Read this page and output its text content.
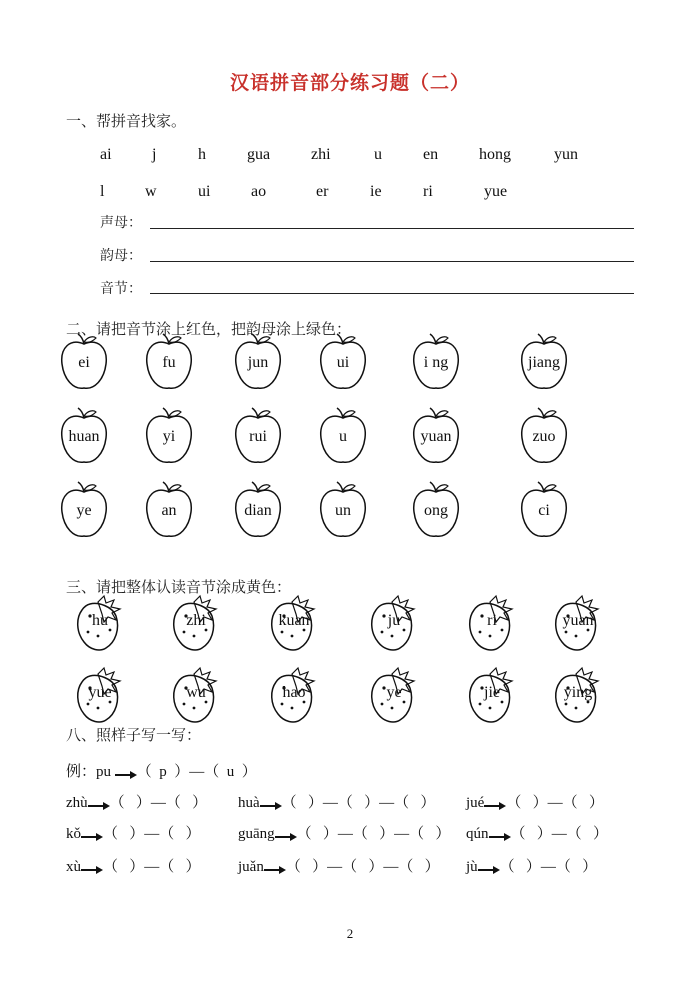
汉语拼音部分练习题（二）
一、帮拼音找家。
ai	j	h	gua	zhi	u	en	hong	yun
l	w	ui	ao	er	ie	ri	yue
声母：
韵母：
音节：
二、请把音节涂上红色，把韵母涂上绿色：
ei	fu	jun	ui	i ng	jiang
huan	yi	rui	u	yuan	zuo
ye	an	dian	un	ong	ci
三、请把整体认读音节涂成黄色：
hu	zhi	kuan	ju	ri	yuan
yue	wu	hao	ye	jie	ying
八、照样子写一写：
例：pu （  p  ）—（  u  ）
zhù （   ）—（   ） huà （   ）—（   ）—（   ） jué （   ）—（   ）
kǒ （   ）—（   ） guāng （   ）—（   ）—（   ） qún （   ）—（   ）
xù （   ）—（   ） juǎn （   ）—（   ）—（   ） jù （   ）—（   ）
2
